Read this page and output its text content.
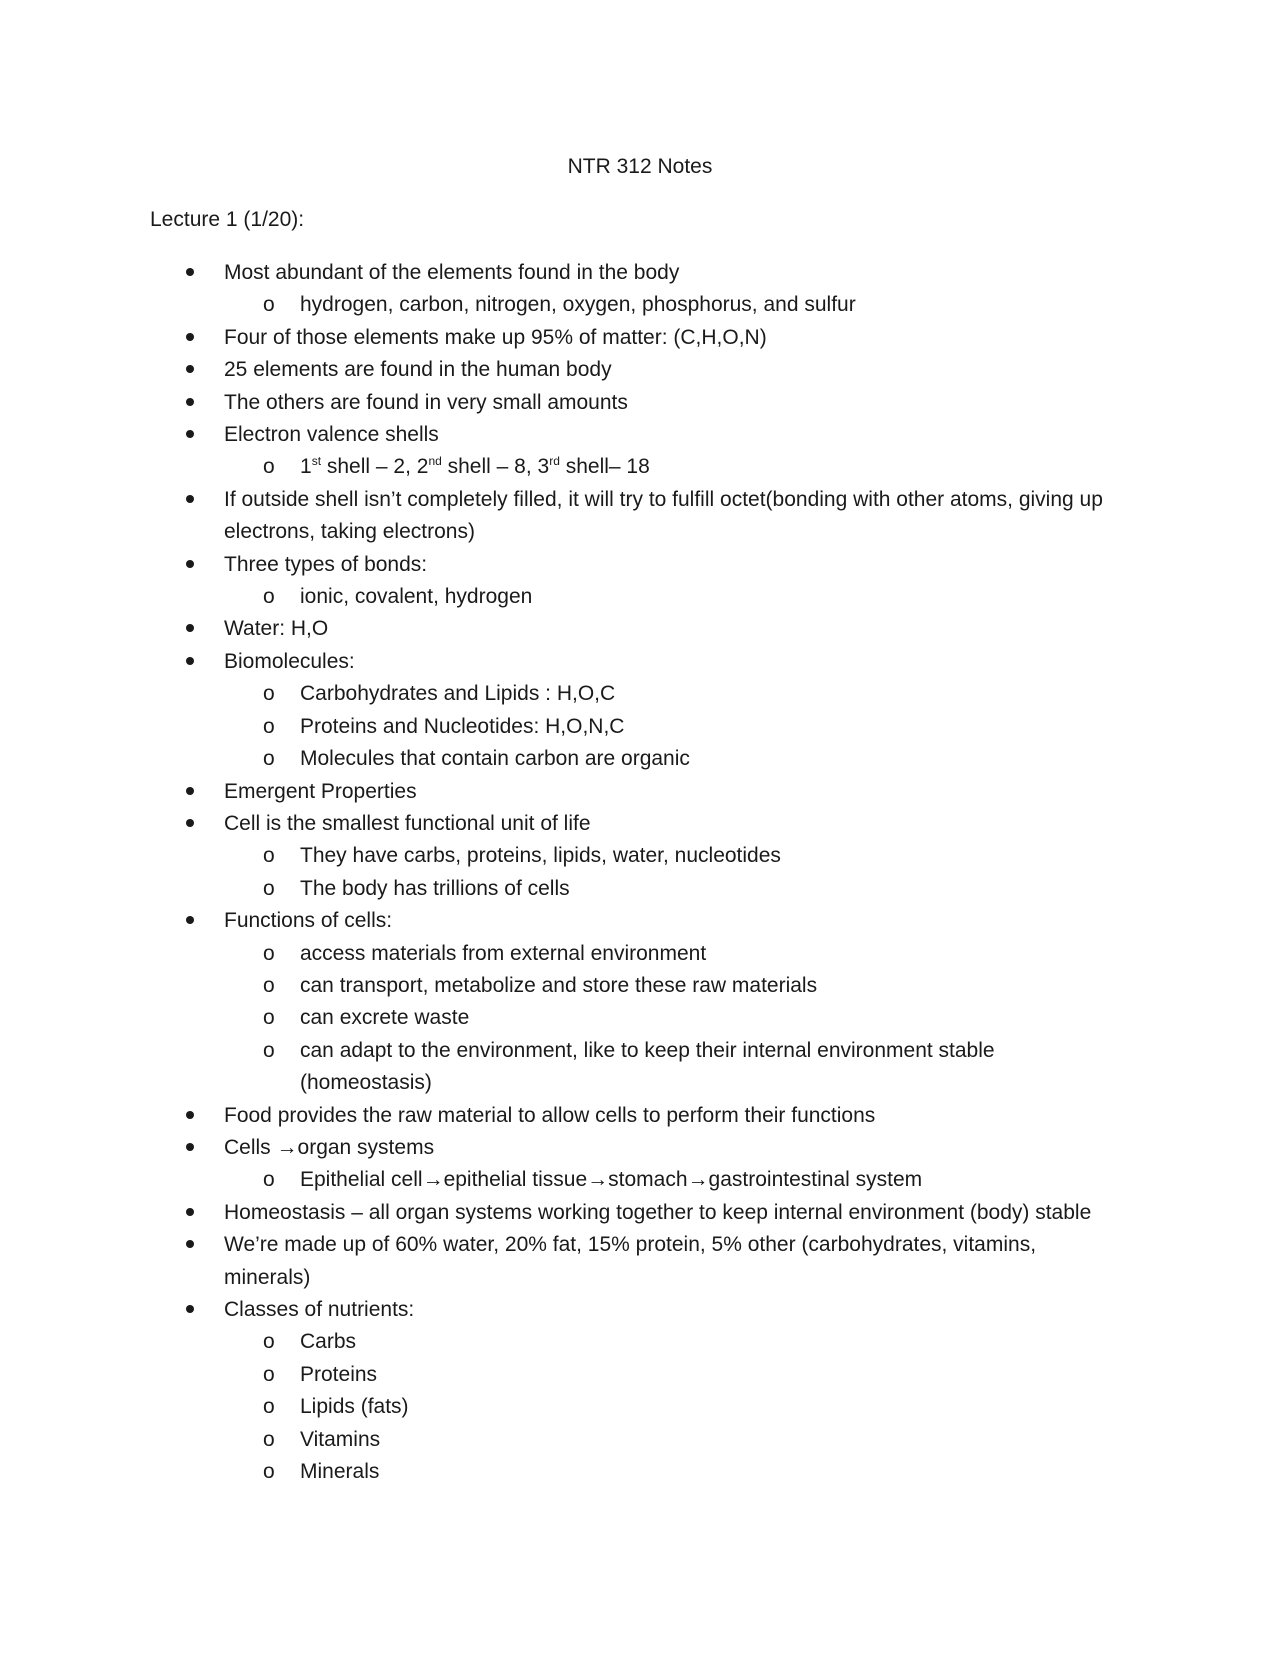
NTR 312 Notes
Lecture 1 (1/20):
Most abundant of the elements found in the body
o hydrogen, carbon, nitrogen, oxygen, phosphorus, and sulfur
Four of those elements make up 95% of matter: (C,H,O,N)
25 elements are found in the human body
The others are found in very small amounts
Electron valence shells
o 1st shell – 2, 2nd shell – 8, 3rd shell– 18
If outside shell isn’t completely filled, it will try to fulfill octet(bonding with other atoms, giving up electrons, taking electrons)
Three types of bonds:
o ionic, covalent, hydrogen
Water: H,O
Biomolecules:
o Carbohydrates and Lipids : H,O,C
o Proteins and Nucleotides: H,O,N,C
o Molecules that contain carbon are organic
Emergent Properties
Cell is the smallest functional unit of life
o They have carbs, proteins, lipids, water, nucleotides
o The body has trillions of cells
Functions of cells:
o access materials from external environment
o can transport, metabolize and store these raw materials
o can excrete waste
o can adapt to the environment, like to keep their internal environment stable (homeostasis)
Food provides the raw material to allow cells to perform their functions
Cells →organ systems
o Epithelial cell→epithelial tissue→stomach→gastrointestinal system
Homeostasis – all organ systems working together to keep internal environment (body) stable
We’re made up of 60% water, 20% fat, 15% protein, 5% other (carbohydrates, vitamins, minerals)
Classes of nutrients:
o Carbs
o Proteins
o Lipids (fats)
o Vitamins
o Minerals
